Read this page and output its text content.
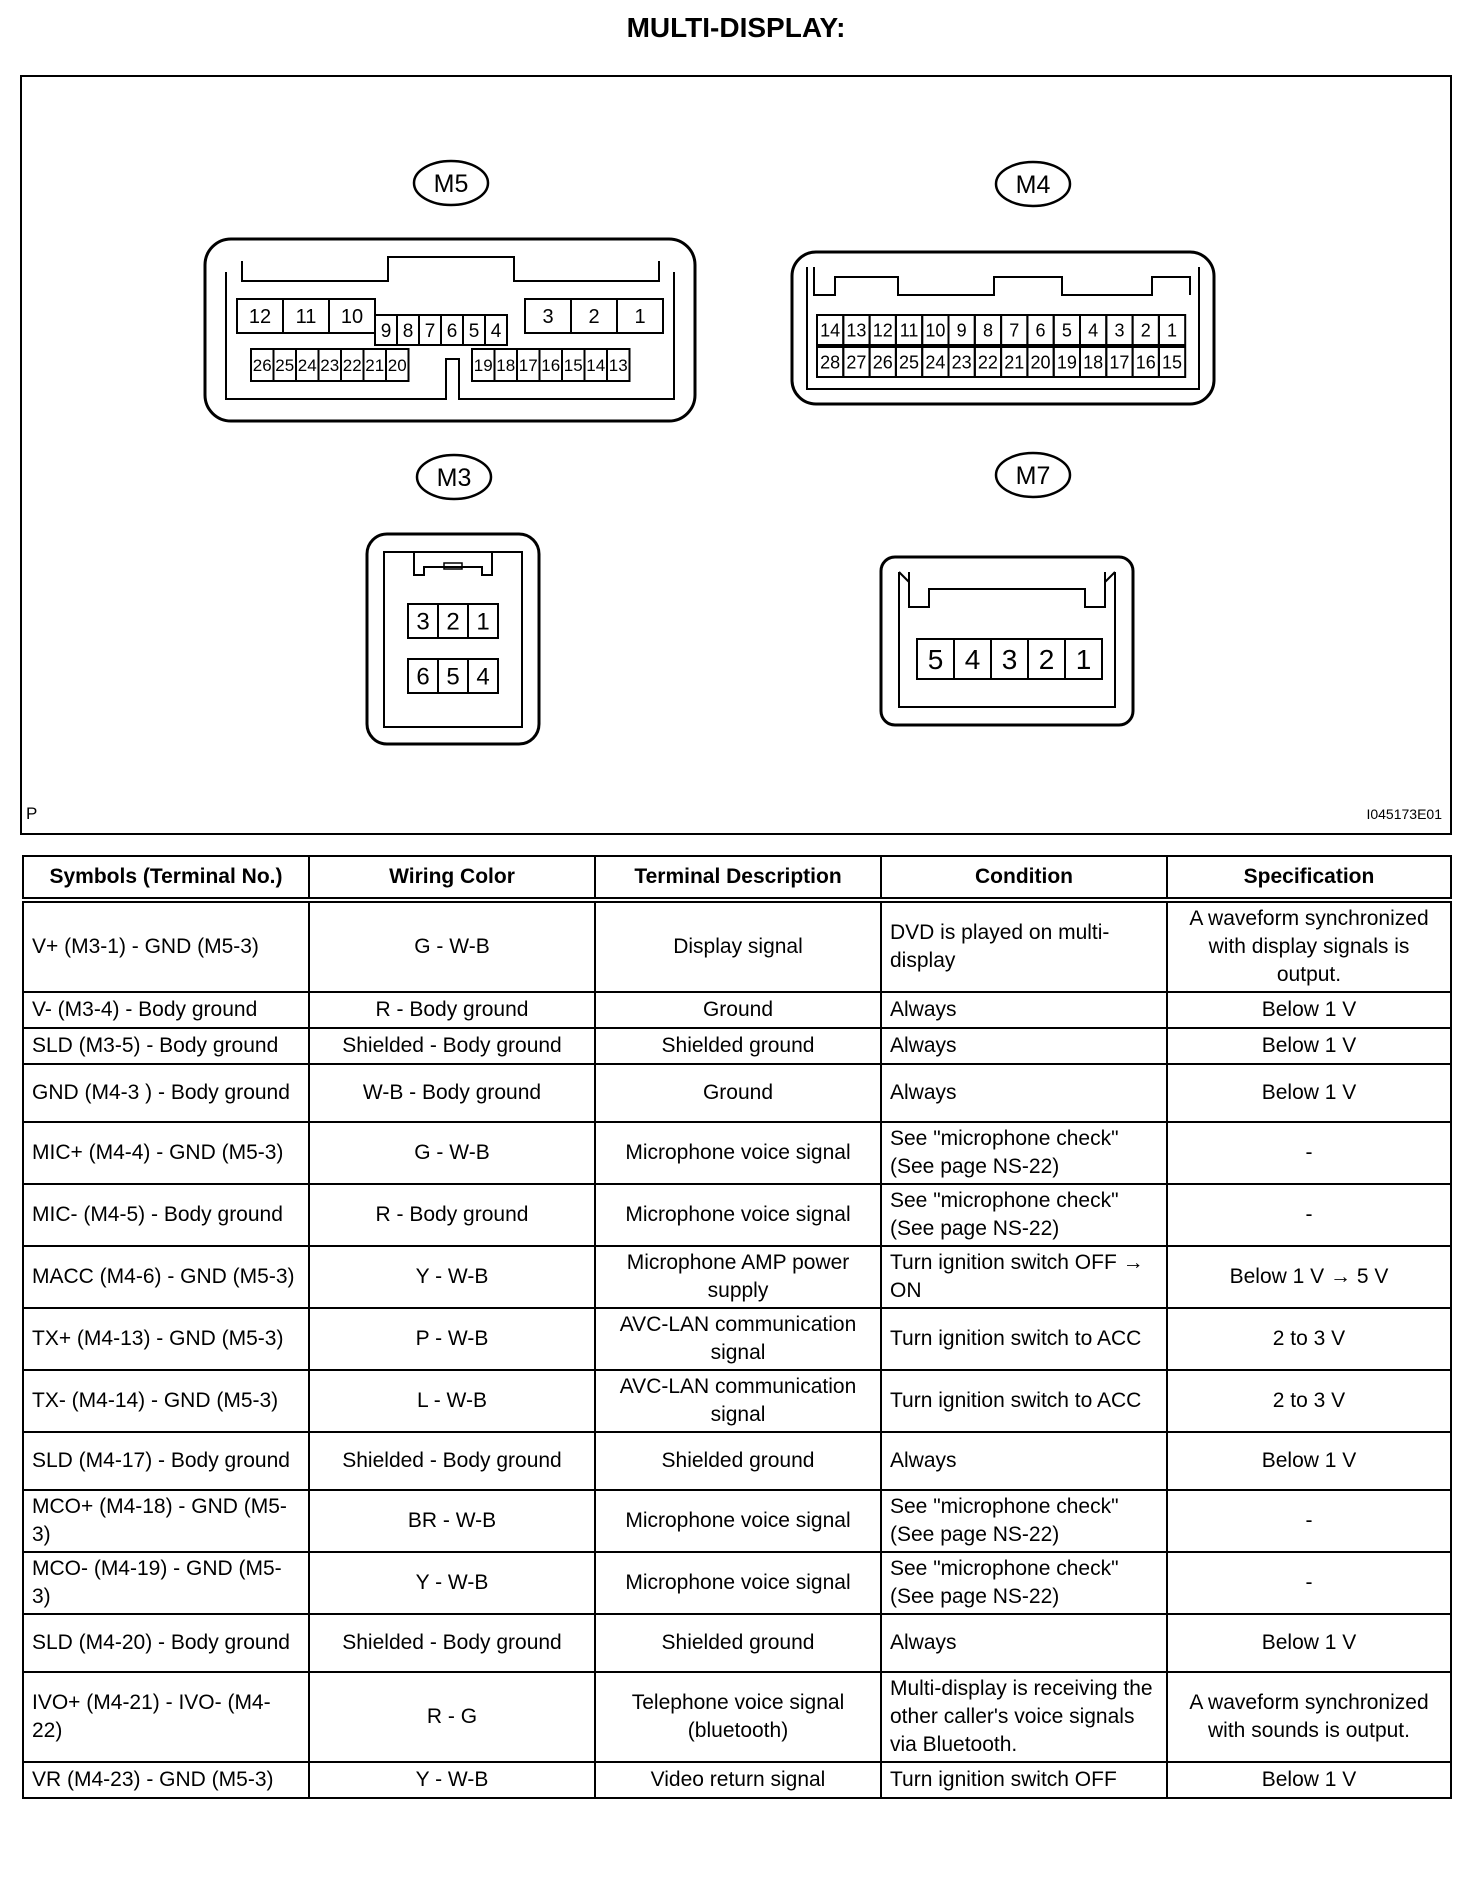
MULTI-DISPLAY:
M5
12 11 10
9 8 7 6 5 4
3 2 1
26 25 24 23 22 21 20	19 18 17 16 15 14 13
M4
14 13 12 11 10 9 8 7 6 5 4 3 2 1
28 27 26 25 24 23 22 21 20 19 18 17 16 15
M3
3 2 1
6 5 4
M7
5 4 3 2 1
P	I045173E01
Symbols (Terminal No.)	Wiring Color	Terminal Description	Condition	Specification
V+ (M3-1) - GND (M5-3)	G - W-B	Display signal	DVD is played on multi-display	A waveform synchronized with display signals is output.
V- (M3-4) - Body ground	R - Body ground	Ground	Always	Below 1 V
SLD (M3-5) - Body ground	Shielded - Body ground	Shielded ground	Always	Below 1 V
GND (M4-3 ) - Body ground	W-B - Body ground	Ground	Always	Below 1 V
MIC+ (M4-4) - GND (M5-3)	G - W-B	Microphone voice signal	See "microphone check" (See page NS-22)	-
MIC- (M4-5) - Body ground	R - Body ground	Microphone voice signal	See "microphone check" (See page NS-22)	-
MACC (M4-6) - GND (M5-3)	Y - W-B	Microphone AMP power supply	Turn ignition switch OFF → ON	Below 1 V → 5 V
TX+ (M4-13) - GND (M5-3)	P - W-B	AVC-LAN communication signal	Turn ignition switch to ACC	2 to 3 V
TX- (M4-14) - GND (M5-3)	L - W-B	AVC-LAN communication signal	Turn ignition switch to ACC	2 to 3 V
SLD (M4-17) - Body ground	Shielded - Body ground	Shielded ground	Always	Below 1 V
MCO+ (M4-18) - GND (M5-3)	BR - W-B	Microphone voice signal	See "microphone check" (See page NS-22)	-
MCO- (M4-19) - GND (M5-3)	Y - W-B	Microphone voice signal	See "microphone check" (See page NS-22)	-
SLD (M4-20) - Body ground	Shielded - Body ground	Shielded ground	Always	Below 1 V
IVO+ (M4-21) - IVO- (M4-22)	R - G	Telephone voice signal (bluetooth)	Multi-display is receiving the other caller's voice signals via Bluetooth.	A waveform synchronized with sounds is output.
VR (M4-23) - GND (M5-3)	Y - W-B	Video return signal	Turn ignition switch OFF	Below 1 V
